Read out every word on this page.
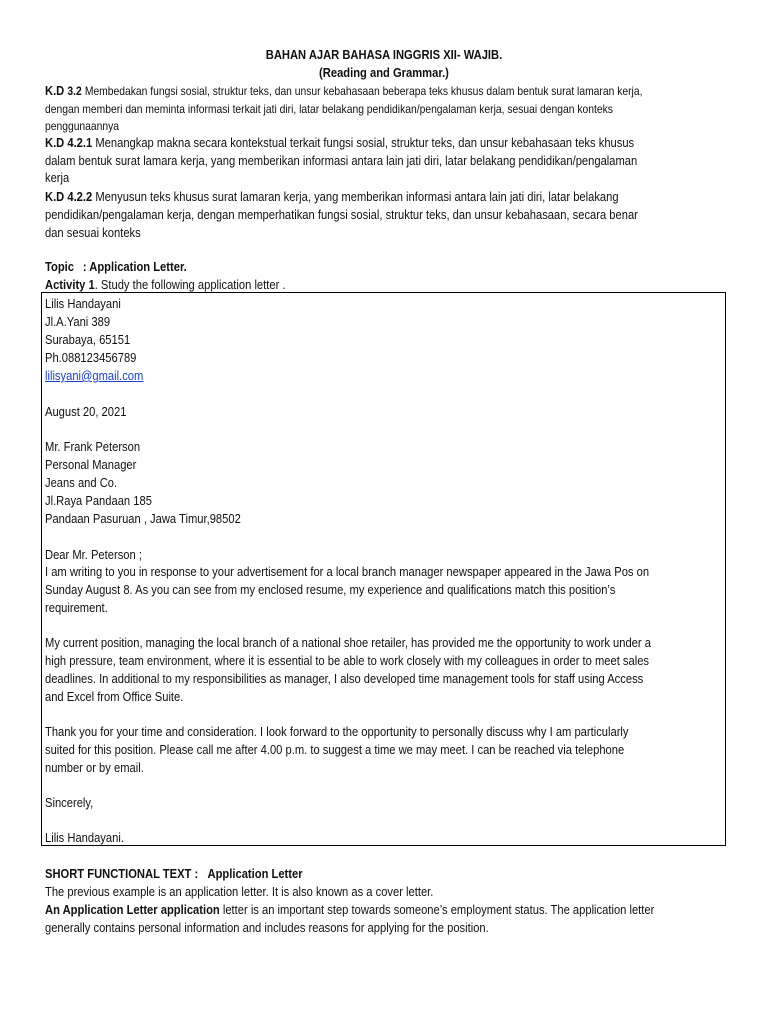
BAHAN AJAR BAHASA INGGRIS XII- WAJIB.
(Reading and Grammar.)
K.D 3.2 Membedakan fungsi sosial, struktur teks, dan unsur kebahasaan beberapa teks khusus dalam bentuk surat lamaran kerja,
dengan memberi dan meminta informasi terkait jati diri, latar belakang pendidikan/pengalaman kerja, sesuai dengan konteks
penggunaannya
K.D 4.2.1 Menangkap makna secara kontekstual terkait fungsi sosial, struktur teks, dan unsur kebahasaan teks khusus
dalam bentuk surat lamara kerja, yang memberikan informasi antara lain jati diri, latar belakang pendidikan/pengalaman
kerja
K.D 4.2.2 Menyusun teks khusus surat lamaran kerja, yang memberikan informasi antara lain jati diri, latar belakang
pendidikan/pengalaman kerja, dengan memperhatikan fungsi sosial, struktur teks, dan unsur kebahasaan, secara benar
dan sesuai konteks
Topic : Application Letter.
Activity 1. Study the following application letter .
Lilis Handayani
Jl.A.Yani 389
Surabaya, 65151
Ph.088123456789
lilisyani@gmail.com
August 20, 2021
Mr. Frank Peterson
Personal Manager
Jeans and Co.
Jl.Raya Pandaan 185
Pandaan Pasuruan , Jawa Timur,98502
Dear Mr. Peterson ;
I am writing to you in response to your advertisement for a local branch manager newspaper appeared in the Jawa Pos on
Sunday August 8. As you can see from my enclosed resume, my experience and qualifications match this position’s
requirement.
My current position, managing the local branch of a national shoe retailer, has provided me the opportunity to work under a
high pressure, team environment, where it is essential to be able to work closely with my colleagues in order to meet sales
deadlines. In additional to my responsibilities as manager, I also developed time management tools for staff using Access
and Excel from Office Suite.
Thank you for your time and consideration. I look forward to the opportunity to personally discuss why I am particularly
suited for this position. Please call me after 4.00 p.m. to suggest a time we may meet. I can be reached via telephone
number or by email.
Sincerely,
Lilis Handayani.
SHORT FUNCTIONAL TEXT : Application Letter
The previous example is an application letter. It is also known as a cover letter.
An Application Letter application letter is an important step towards someone’s employment status. The application letter
generally contains personal information and includes reasons for applying for the position.
